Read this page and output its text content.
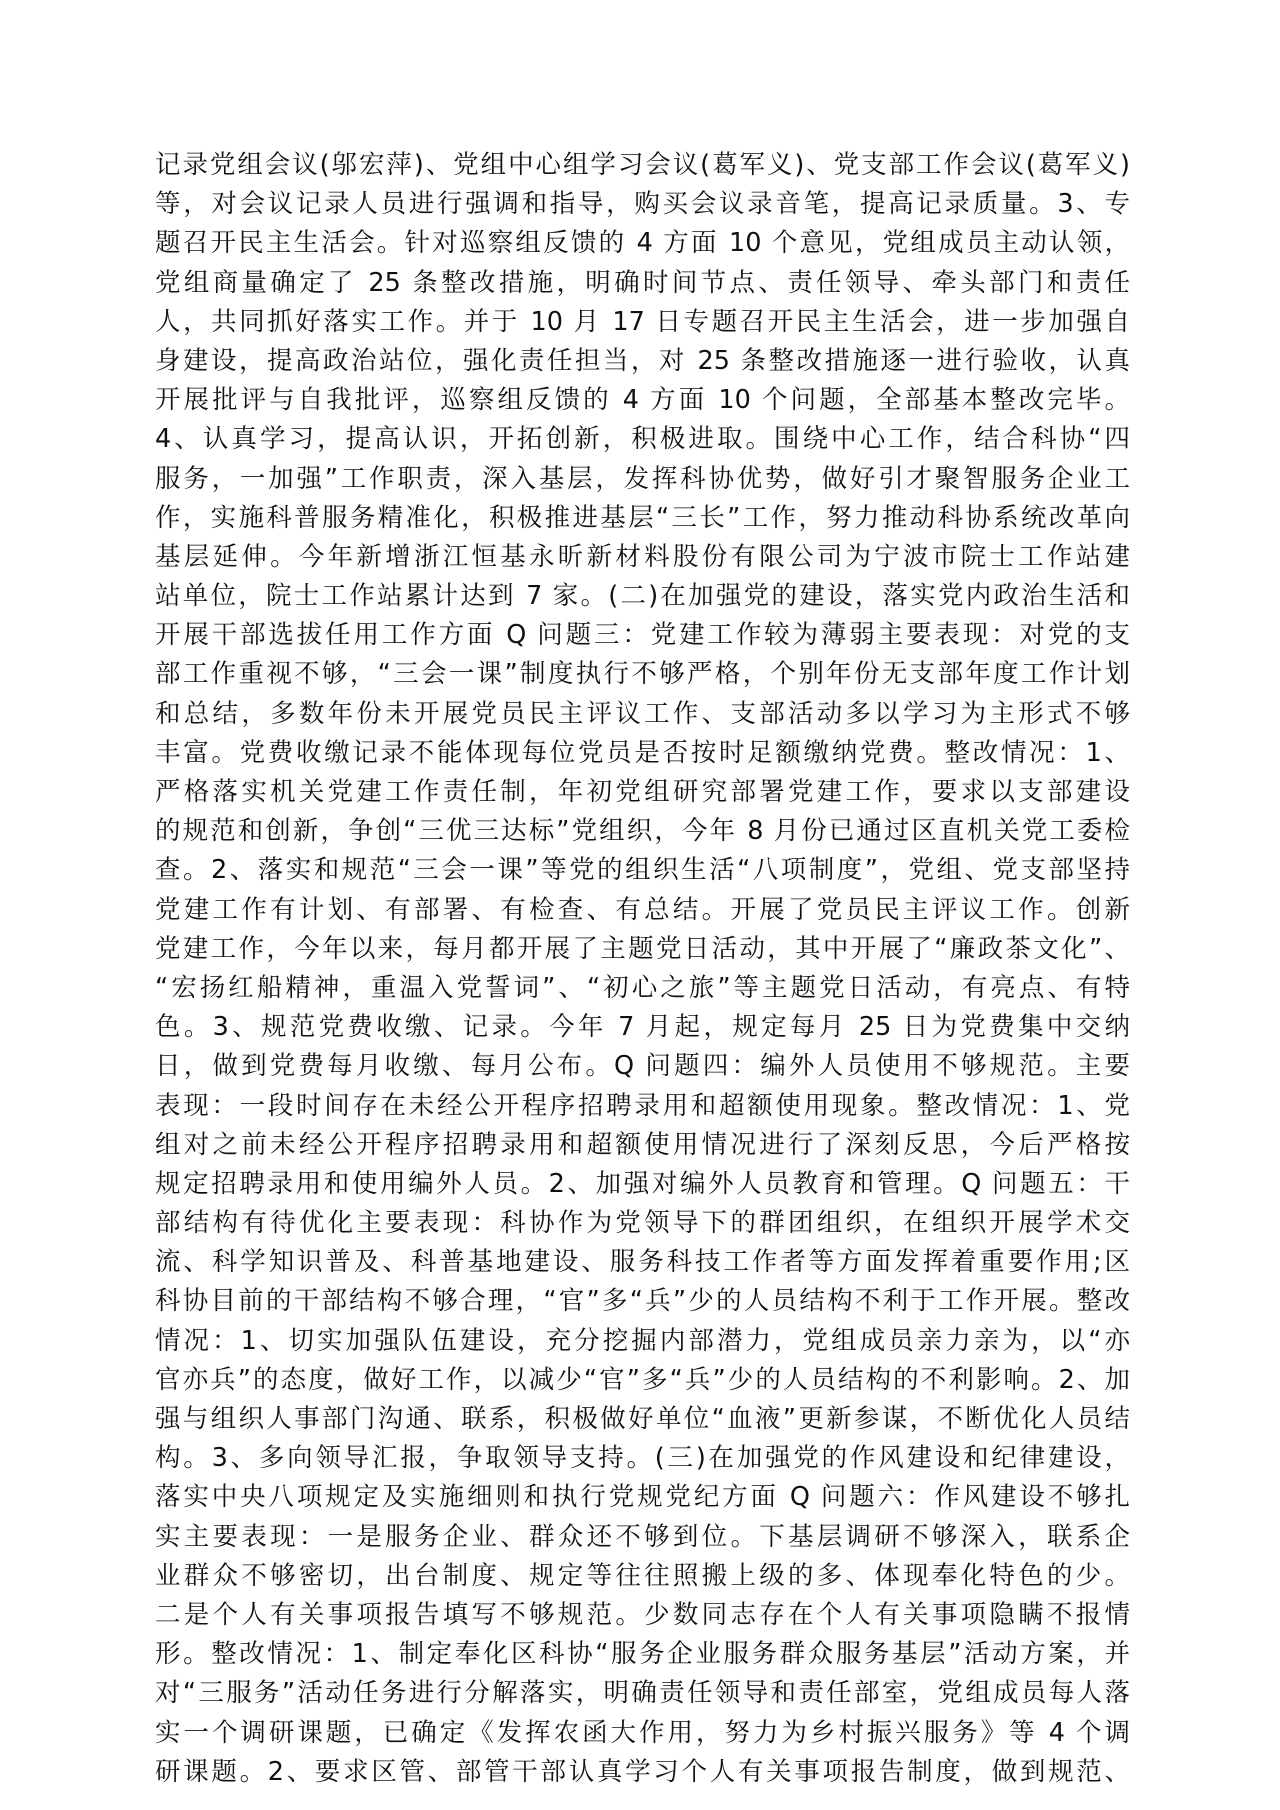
记录党组会议(邬宏萍)、党组中心组学习会议(葛军义)、党支部工作会议(葛军义)
等，对会议记录人员进行强调和指导，购买会议录音笔，提高记录质量。3、专
题召开民主生活会。针对巡察组反馈的 4 方面 10 个意见，党组成员主动认领，
党组商量确定了 25 条整改措施，明确时间节点、责任领导、牵头部门和责任
人，共同抓好落实工作。并于 10 月 17 日专题召开民主生活会，进一步加强自
身建设，提高政治站位，强化责任担当，对 25 条整改措施逐一进行验收，认真
开展批评与自我批评，巡察组反馈的 4 方面 10 个问题，全部基本整改完毕。
4、认真学习，提高认识，开拓创新，积极进取。围绕中心工作，结合科协“四
服务，一加强”工作职责，深入基层，发挥科协优势，做好引才聚智服务企业工
作，实施科普服务精准化，积极推进基层“三长”工作，努力推动科协系统改革向
基层延伸。今年新增浙江恒基永昕新材料股份有限公司为宁波市院士工作站建
站单位，院士工作站累计达到 7 家。(二)在加强党的建设，落实党内政治生活和
开展干部选拔任用工作方面 Q 问题三：党建工作较为薄弱主要表现：对党的支
部工作重视不够，“三会一课”制度执行不够严格，个别年份无支部年度工作计划
和总结，多数年份未开展党员民主评议工作、支部活动多以学习为主形式不够
丰富。党费收缴记录不能体现每位党员是否按时足额缴纳党费。整改情况：1、
严格落实机关党建工作责任制，年初党组研究部署党建工作，要求以支部建设
的规范和创新，争创“三优三达标”党组织，今年 8 月份已通过区直机关党工委检
查。2、落实和规范“三会一课”等党的组织生活“八项制度”，党组、党支部坚持
党建工作有计划、有部署、有检查、有总结。开展了党员民主评议工作。创新
党建工作，今年以来，每月都开展了主题党日活动，其中开展了“廉政茶文化”、
“宏扬红船精神，重温入党誓词”、“初心之旅”等主题党日活动，有亮点、有特
色。3、规范党费收缴、记录。今年 7 月起，规定每月 25 日为党费集中交纳
日，做到党费每月收缴、每月公布。Q 问题四：编外人员使用不够规范。主要
表现：一段时间存在未经公开程序招聘录用和超额使用现象。整改情况：1、党
组对之前未经公开程序招聘录用和超额使用情况进行了深刻反思，今后严格按
规定招聘录用和使用编外人员。2、加强对编外人员教育和管理。Q 问题五：干
部结构有待优化主要表现：科协作为党领导下的群团组织，在组织开展学术交
流、科学知识普及、科普基地建设、服务科技工作者等方面发挥着重要作用;区
科协目前的干部结构不够合理，“官”多“兵”少的人员结构不利于工作开展。整改
情况：1、切实加强队伍建设，充分挖掘内部潜力，党组成员亲力亲为，以“亦
官亦兵”的态度，做好工作，以减少“官”多“兵”少的人员结构的不利影响。2、加
强与组织人事部门沟通、联系，积极做好单位“血液”更新参谋，不断优化人员结
构。3、多向领导汇报，争取领导支持。(三)在加强党的作风建设和纪律建设，
落实中央八项规定及实施细则和执行党规党纪方面 Q 问题六：作风建设不够扎
实主要表现：一是服务企业、群众还不够到位。下基层调研不够深入，联系企
业群众不够密切，出台制度、规定等往往照搬上级的多、体现奉化特色的少。
二是个人有关事项报告填写不够规范。少数同志存在个人有关事项隐瞒不报情
形。整改情况：1、制定奉化区科协“服务企业服务群众服务基层”活动方案，并
对“三服务”活动任务进行分解落实，明确责任领导和责任部室，党组成员每人落
实一个调研课题，已确定《发挥农函大作用，努力为乡村振兴服务》等 4 个调
研课题。2、要求区管、部管干部认真学习个人有关事项报告制度，做到规范、
